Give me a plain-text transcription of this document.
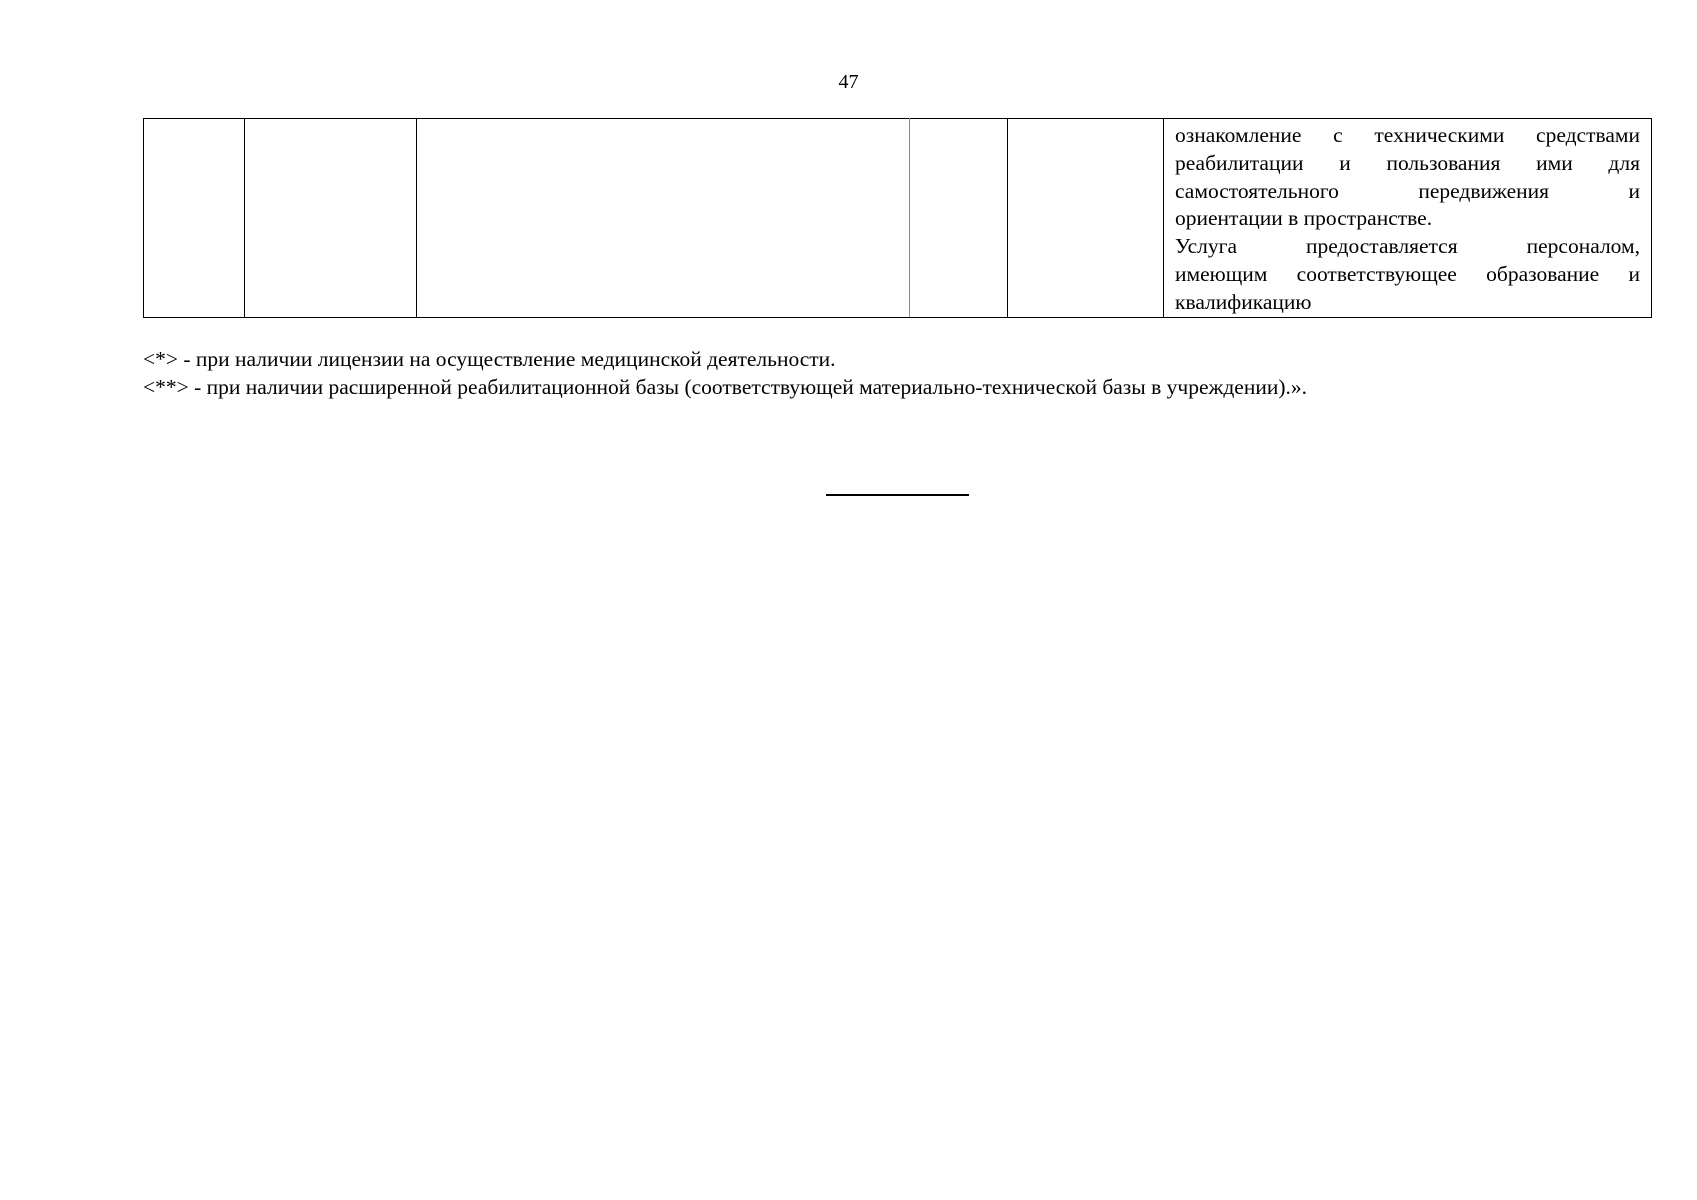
47

ознакомление с техническими средствами
реабилитации и пользования ими для
самостоятельного передвижения и
ориентации в пространстве.
Услуга предоставляется персоналом,
имеющим соответствующее образование и
квалификацию
<*> - при наличии лицензии на осуществление медицинской деятельности.
<**> - при наличии расширенной реабилитационной базы (соответствующей материально-технической базы в учреждении).».
